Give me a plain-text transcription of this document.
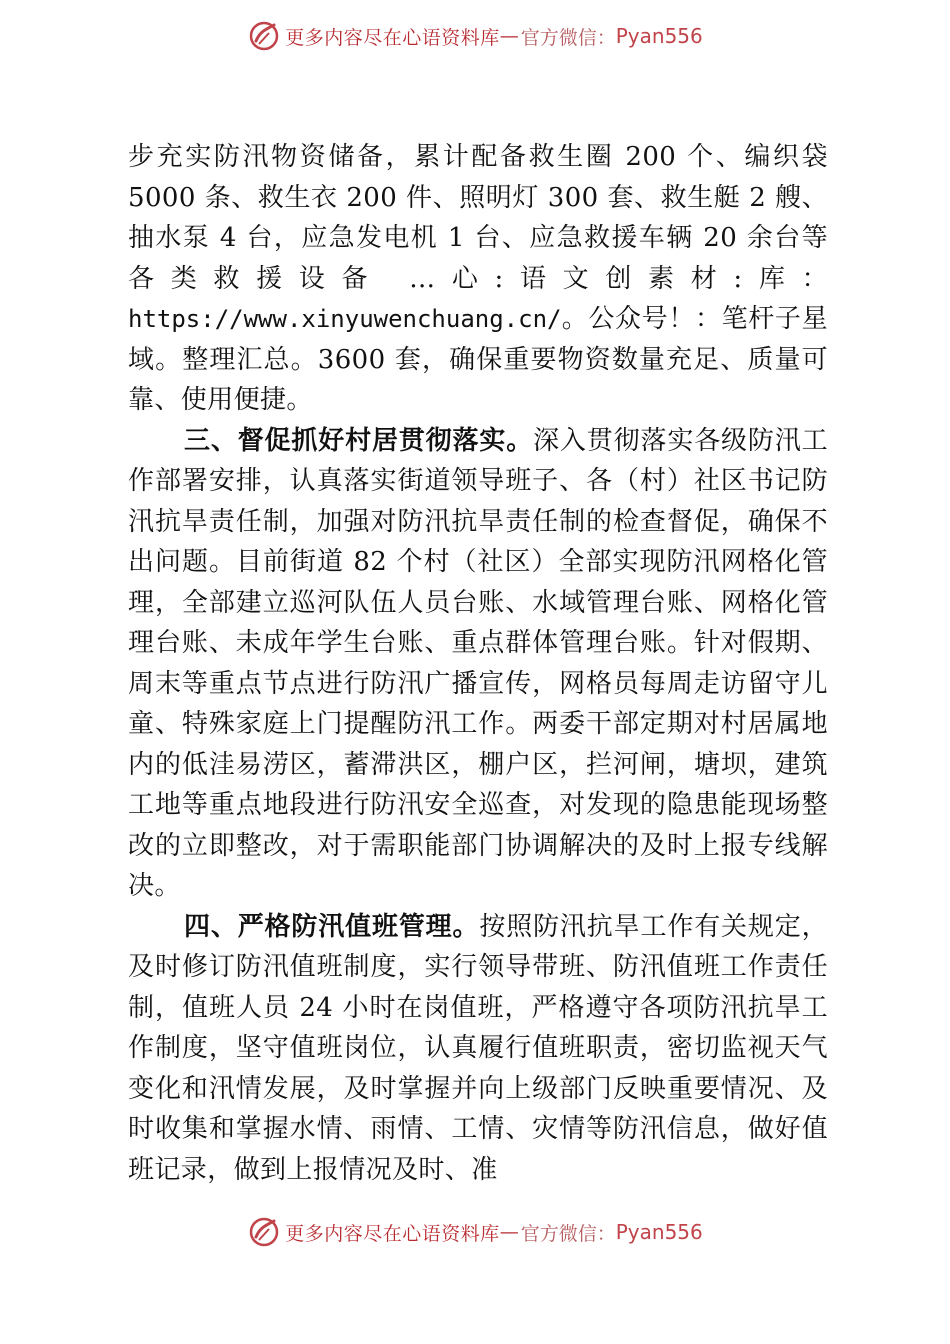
更多内容尽在心语资料库 — 官方微信： Pyan556

步充实防汛物资储备，累计配备救生圈 200 个、编织袋 5000 条、救生衣 200 件、照明灯 300 套、救生艇 2 艘、抽水泵 4 台，应急发电机 1 台、应急救援车辆 20 余台等各类救援设备 …心:语文创素材:库：https://www.xinyuwenchuang.cn/。公众号！：笔杆子星域。整理汇总。3600 套，确保重要物资数量充足、质量可靠、使用便捷。

三、督促抓好村居贯彻落实。深入贯彻落实各级防汛工作部署安排，认真落实街道领导班子、各（村）社区书记防汛抗旱责任制，加强对防汛抗旱责任制的检查督促，确保不出问题。目前街道 82 个村（社区）全部实现防汛网格化管理，全部建立巡河队伍人员台账、水域管理台账、网格化管理台账、未成年学生台账、重点群体管理台账。针对假期、周末等重点节点进行防汛广播宣传，网格员每周走访留守儿童、特殊家庭上门提醒防汛工作。两委干部定期对村居属地内的低洼易涝区，蓄滞洪区，棚户区，拦河闸，塘坝，建筑工地等重点地段进行防汛安全巡查，对发现的隐患能现场整改的立即整改，对于需职能部门协调解决的及时上报专线解决。

四、严格防汛值班管理。按照防汛抗旱工作有关规定，及时修订防汛值班制度，实行领导带班、防汛值班工作责任制，值班人员 24 小时在岗值班，严格遵守各项防汛抗旱工作制度，坚守值班岗位，认真履行值班职责，密切监视天气变化和汛情发展，及时掌握并向上级部门反映重要情况、及时收集和掌握水情、雨情、工情、灾情等防汛信息，做好值班记录，做到上报情况及时、准

更多内容尽在心语资料库 — 官方微信： Pyan556
